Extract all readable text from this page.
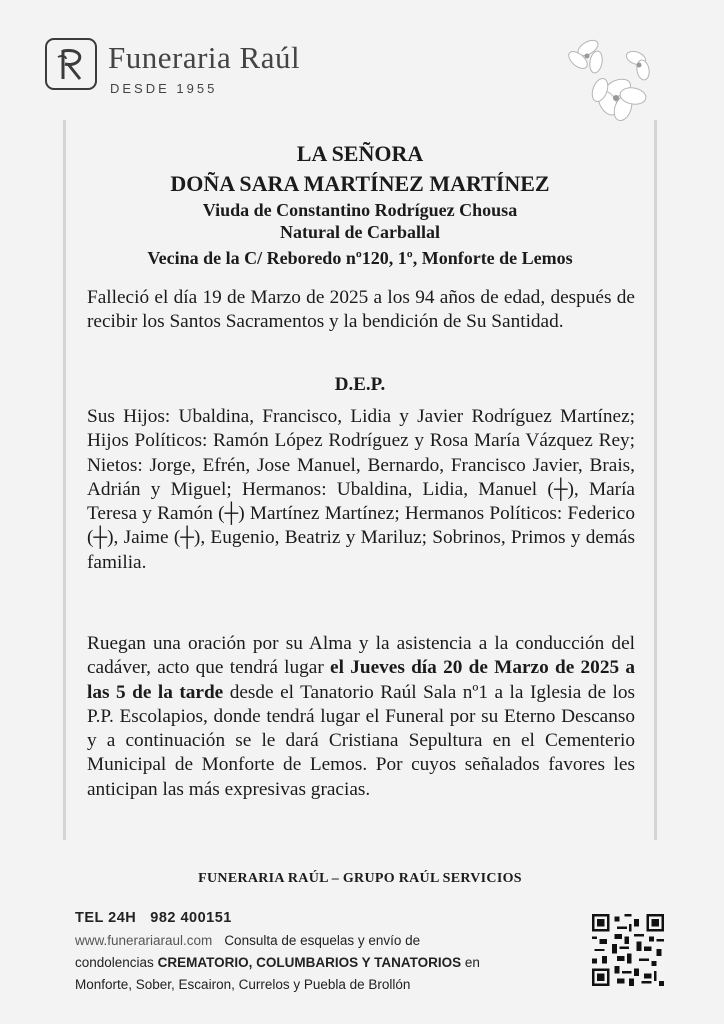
Funeraria Raúl
DESDE 1955
LA SEÑORA
DOÑA SARA MARTÍNEZ MARTÍNEZ
Viuda de Constantino Rodríguez Chousa
Natural de Carballal
Vecina de la C/ Reboredo nº120, 1º, Monforte de Lemos
Falleció el día 19 de Marzo de 2025 a los 94 años de edad, después de recibir los Santos Sacramentos y la bendición de Su Santidad.
D.E.P.
Sus Hijos: Ubaldina, Francisco, Lidia y Javier Rodríguez Martínez; Hijos Políticos: Ramón López Rodríguez y Rosa María Vázquez Rey; Nietos: Jorge, Efrén, Jose Manuel, Bernardo, Francisco Javier, Brais, Adrián y Miguel; Hermanos: Ubaldina, Lidia, Manuel (┼), María Teresa y Ramón (┼) Martínez Martínez; Hermanos Políticos: Federico (┼), Jaime (┼), Eugenio, Beatriz y Mariluz; Sobrinos, Primos y demás familia.
Ruegan una oración por su Alma y la asistencia a la conducción del cadáver, acto que tendrá lugar el Jueves día 20 de Marzo de 2025 a las 5 de la tarde desde el Tanatorio Raúl Sala nº1 a la Iglesia de los P.P. Escolapios, donde tendrá lugar el Funeral por su Eterno Descanso y a continuación se le dará Cristiana Sepultura en el Cementerio Municipal de Monforte de Lemos. Por cuyos señalados favores les anticipan las más expresivas gracias.
FUNERARIA RAÚL – GRUPO RAÚL SERVICIOS
TEL 24H 982 400151
www.funerariaraul.com Consulta de esquelas y envío de
condolencias CREMATORIO, COLUMBARIOS Y TANATORIOS en
Monforte, Sober, Escairon, Currelos y Puebla de Brollón
